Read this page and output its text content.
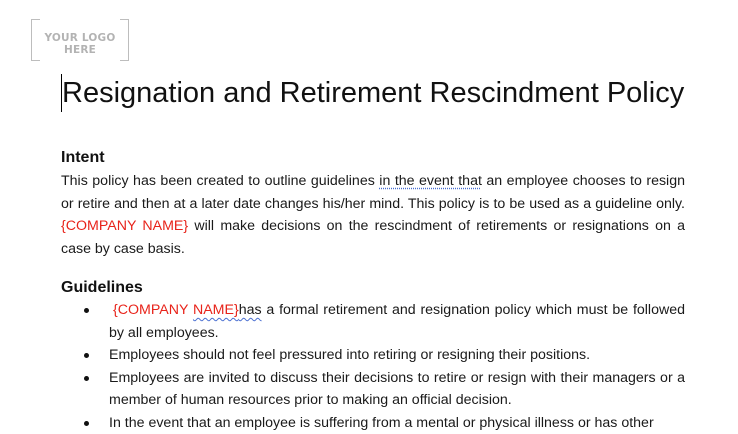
YOUR LOGO HERE
Resignation and Retirement Rescindment Policy
Intent

This policy has been created to outline guidelines in the event that an employee chooses to resign or retire and then at a later date changes his/her mind. This policy is to be used as a guideline only. {COMPANY NAME} will make decisions on the rescindment of retirements or resignations on a case by case basis.

Guidelines
{COMPANY NAME}has a formal retirement and resignation policy which must be followed by all employees.
Employees should not feel pressured into retiring or resigning their positions.
Employees are invited to discuss their decisions to retire or resign with their managers or a member of human resources prior to making an official decision.
In the event that an employee is suffering from a mental or physical illness or has other
